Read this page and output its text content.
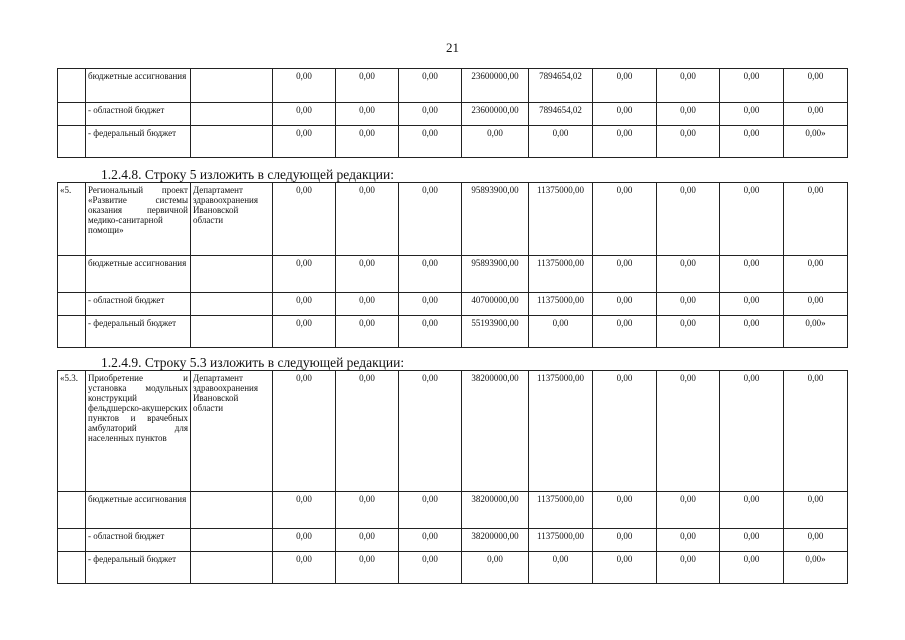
21
	бюджетные ассигнования		0,00	0,00	0,00	23600000,00	7894654,02	0,00	0,00	0,00	0,00
	- областной бюджет		0,00	0,00	0,00	23600000,00	7894654,02	0,00	0,00	0,00	0,00
	- федеральный бюджет		0,00	0,00	0,00	0,00	0,00	0,00	0,00	0,00	0,00»
1.2.4.8. Строку 5 изложить в следующей редакции:
«5.	Региональный проект «Развитие системы оказания первичной медико-санитарной помощи»	Департамент здравоохранения Ивановской области	0,00	0,00	0,00	95893900,00	11375000,00	0,00	0,00	0,00	0,00
	бюджетные ассигнования		0,00	0,00	0,00	95893900,00	11375000,00	0,00	0,00	0,00	0,00
	- областной бюджет		0,00	0,00	0,00	40700000,00	11375000,00	0,00	0,00	0,00	0,00
	- федеральный бюджет		0,00	0,00	0,00	55193900,00	0,00	0,00	0,00	0,00	0,00»
1.2.4.9. Строку 5.3 изложить в следующей редакции:
«5.3.	Приобретение и установка модульных конструкций фельдшерско-акушерских пунктов и врачебных амбулаторий для населенных пунктов	Департамент здравоохранения Ивановской области	0,00	0,00	0,00	38200000,00	11375000,00	0,00	0,00	0,00	0,00
	бюджетные ассигнования		0,00	0,00	0,00	38200000,00	11375000,00	0,00	0,00	0,00	0,00
	- областной бюджет		0,00	0,00	0,00	38200000,00	11375000,00	0,00	0,00	0,00	0,00
	- федеральный бюджет		0,00	0,00	0,00	0,00	0,00	0,00	0,00	0,00	0,00»
